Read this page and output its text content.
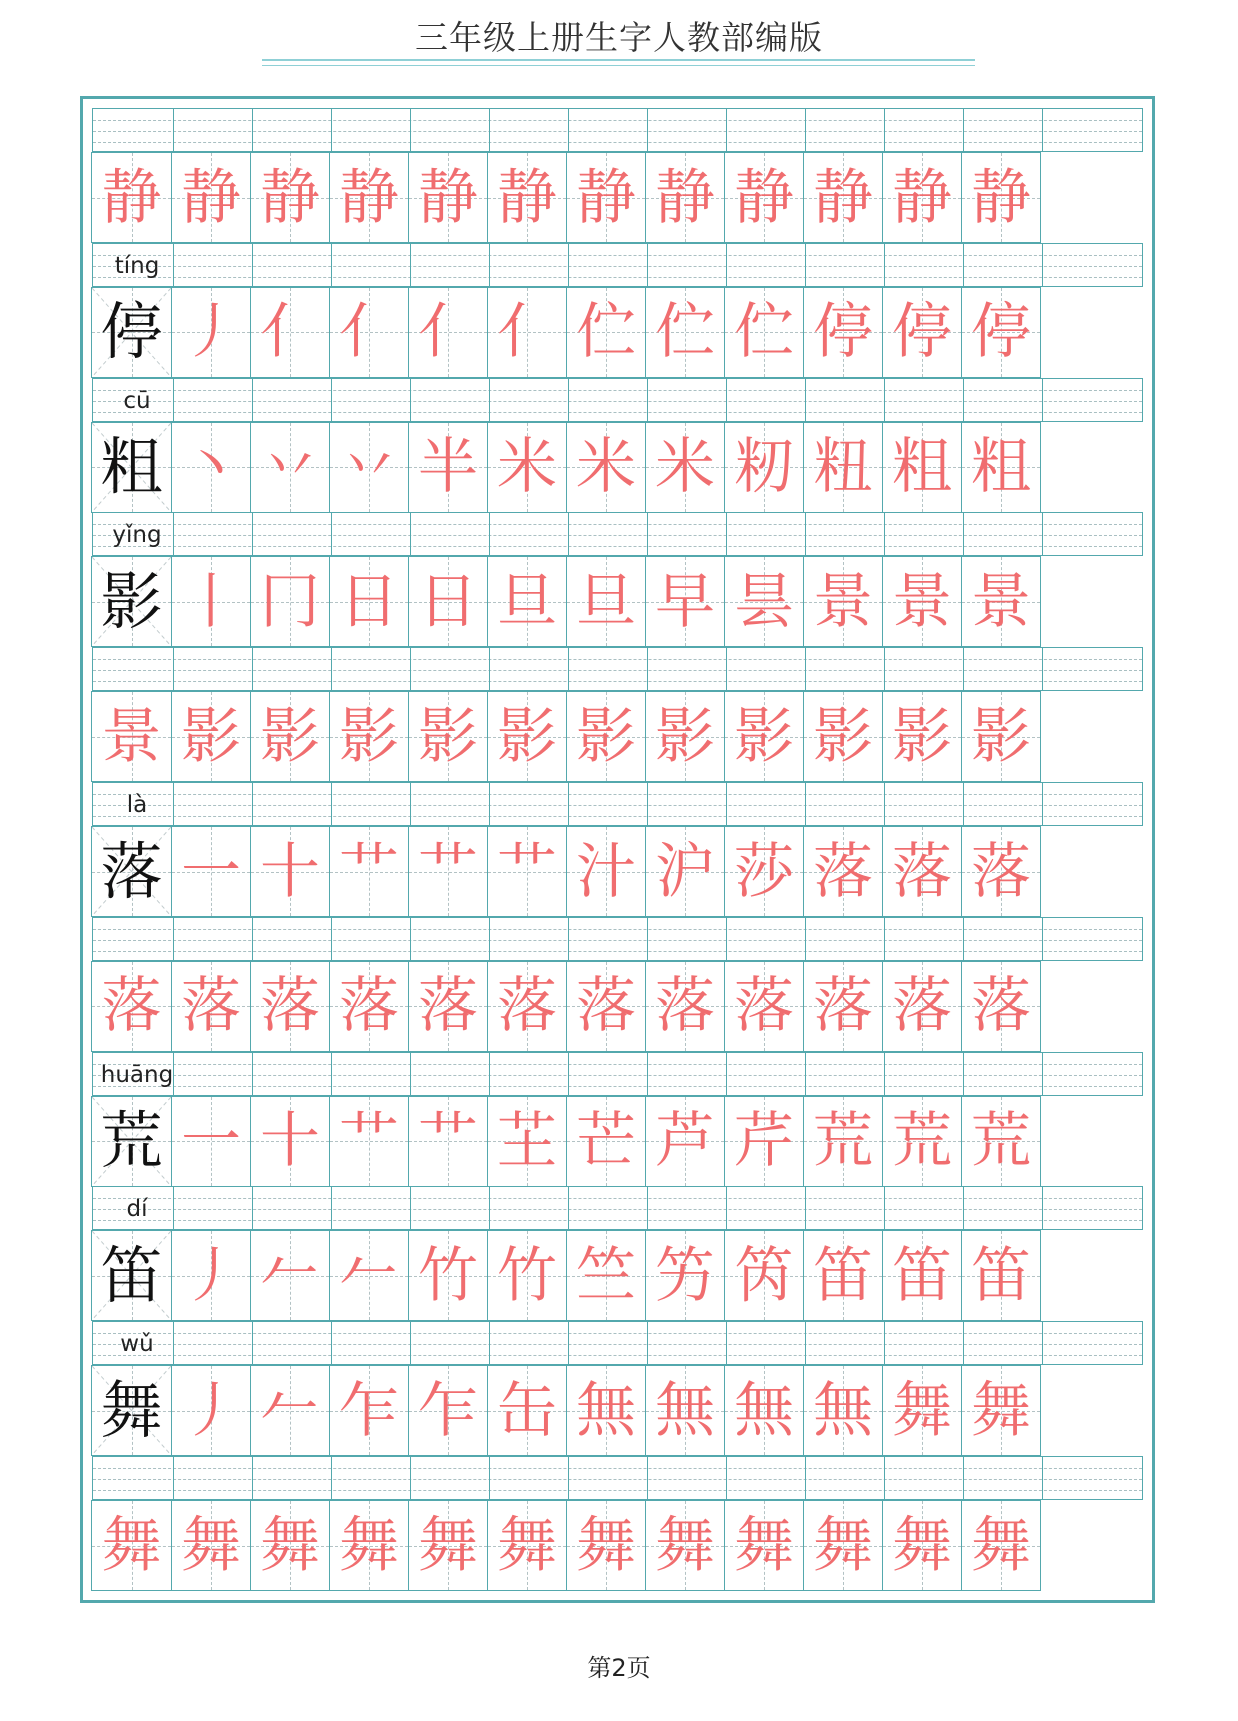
三年级上册生字人教部编版
静 静 静 静 静 静 静 静 静 静 静 静
tíng
停 丿 亻 亻 亻 亻 伫 伫 伫 停 停 停
cū
粗 丶 丷 丷 半 米 米 米 籾 粈 粗 粗
yǐng
影 丨 冂 日 日 旦 旦 早 昙 景 景 景
景 影 影 影 影 影 影 影 影 影 影 影
là
落 一 十 艹 艹 艹 汁 沪 莎 落 落 落
落 落 落 落 落 落 落 落 落 落 落 落
huāng
荒 一 十 艹 艹 芏 芒 芦 芹 荒 荒 荒
dí
笛 丿 𠂉 𠂉 竹 竹 竺 竻 笍 笛 笛 笛
wǔ
舞 丿 𠂉 乍 乍 缶 無 無 無 無 舞 舞
舞 舞 舞 舞 舞 舞 舞 舞 舞 舞 舞 舞
第2页
